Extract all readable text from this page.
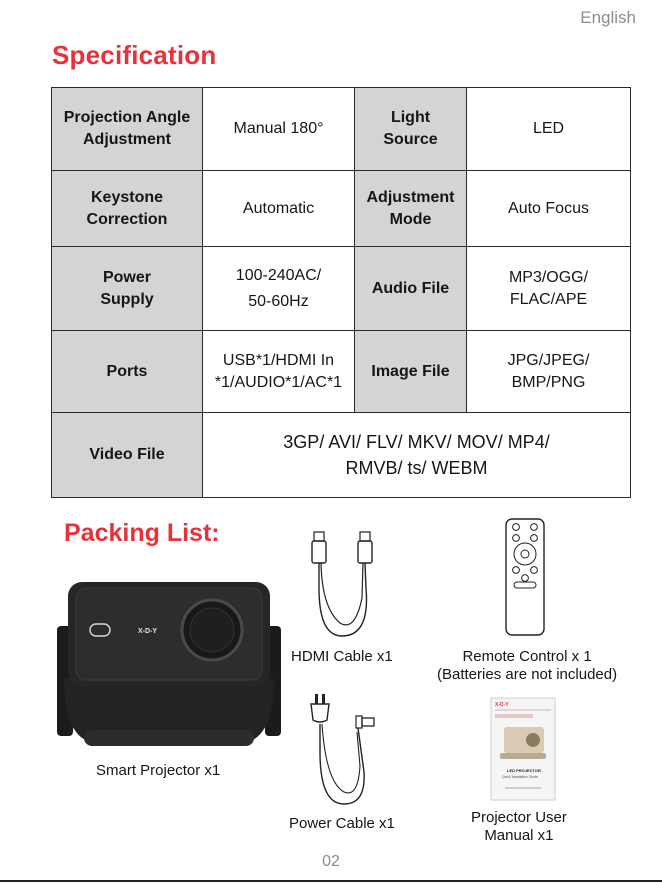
English
Specification
Projection Angle
Adjustment
Manual 180°
Light
Source
LED
Keystone
Correction
Automatic
Adjustment
Mode
Auto Focus
Power
Supply
100-240AC/
50-60Hz
Audio File
MP3/OGG/
FLAC/APE
Ports
USB*1/HDMI In
*1/AUDIO*1/AC*1
Image File
JPG/JPEG/
BMP/PNG
Video File
3GP/ AVI/ FLV/ MKV/ MOV/ MP4/
RMVB/ ts/ WEBM
Packing List:
X-D-Y
Smart Projector x1
HDMI Cable x1	Remote Control x 1
(Batteries are not included)
Power Cable x1
X-D-Y
LED PROJECTOR
Quick Installation Guide
Projector User
Manual x1
02
